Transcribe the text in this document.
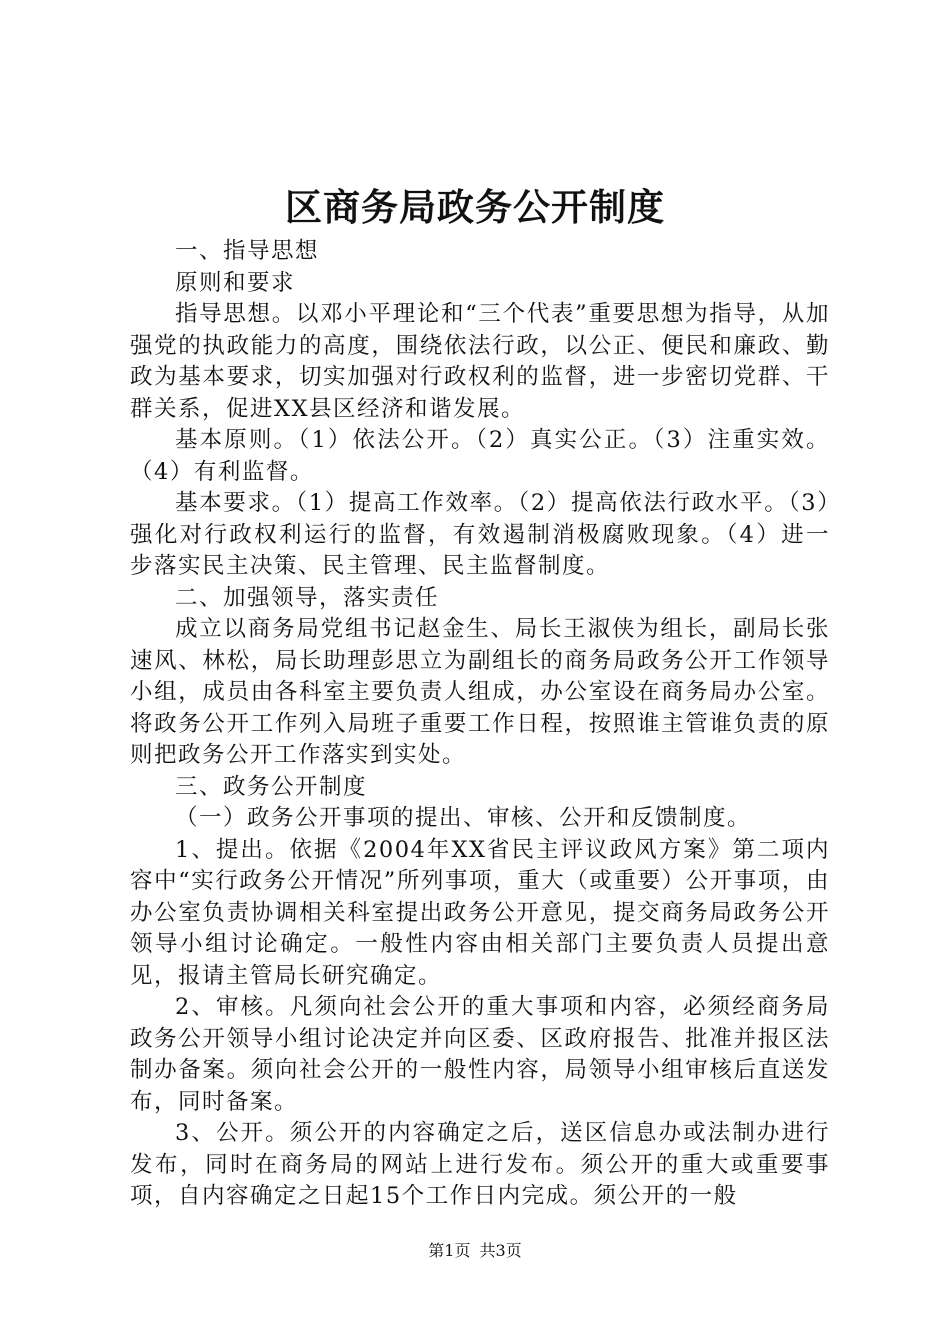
区商务局政务公开制度

一、指导思想

原则和要求

指导思想。以邓小平理论和“三个代表”重要思想为指导，从加强党的执政能力的高度，围绕依法行政，以公正、便民和廉政、勤政为基本要求，切实加强对行政权利的监督，进一步密切党群、干群关系，促进XX县区经济和谐发展。

基本原则。（1）依法公开。（2）真实公正。（3）注重实效。（4）有利监督。

基本要求。（1）提高工作效率。（2）提高依法行政水平。（3）强化对行政权利运行的监督，有效遏制消极腐败现象。（4）进一步落实民主决策、民主管理、民主监督制度。

二、加强领导，落实责任

成立以商务局党组书记赵金生、局长王淑侠为组长，副局长张速风、林松，局长助理彭思立为副组长的商务局政务公开工作领导小组，成员由各科室主要负责人组成，办公室设在商务局办公室。将政务公开工作列入局班子重要工作日程，按照谁主管谁负责的原则把政务公开工作落实到实处。

三、政务公开制度

（一）政务公开事项的提出、审核、公开和反馈制度。

1、提出。依据《2004年XX省民主评议政风方案》第二项内容中“实行政务公开情况”所列事项，重大（或重要）公开事项，由办公室负责协调相关科室提出政务公开意见，提交商务局政务公开领导小组讨论确定。一般性内容由相关部门主要负责人员提出意见，报请主管局长研究确定。

2、审核。凡须向社会公开的重大事项和内容，必须经商务局政务公开领导小组讨论决定并向区委、区政府报告、批准并报区法制办备案。须向社会公开的一般性内容，局领导小组审核后直送发布，同时备案。

3、公开。须公开的内容确定之后，送区信息办或法制办进行发布，同时在商务局的网站上进行发布。须公开的重大或重要事项，自内容确定之日起15个工作日内完成。须公开的一般

第1页 共3页
